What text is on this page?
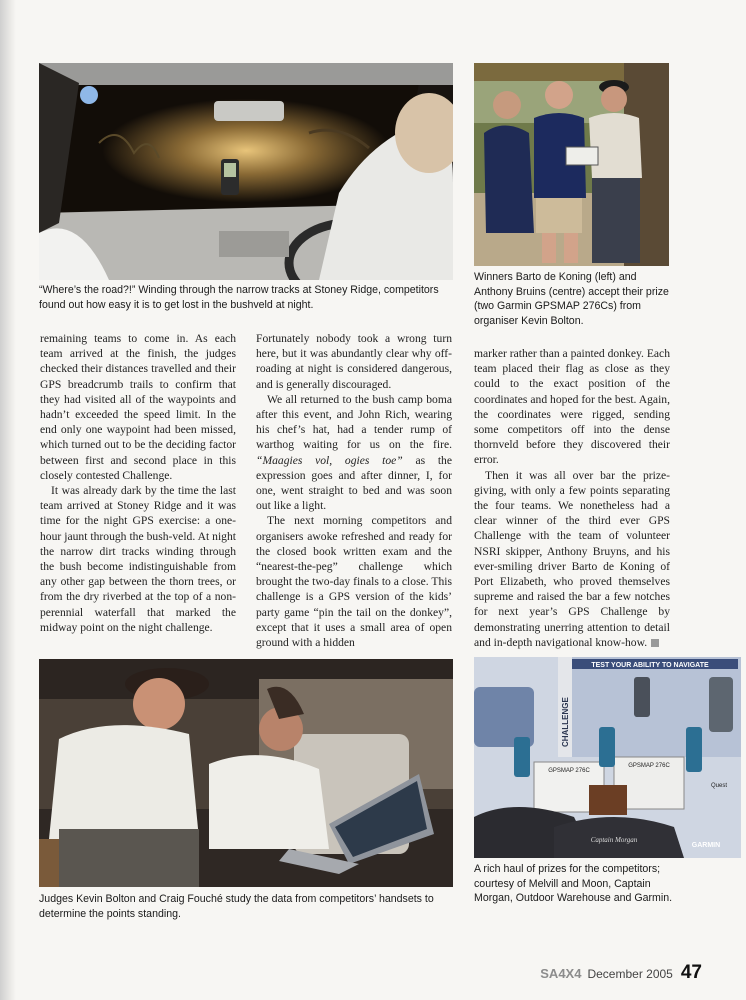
“Where’s the road?!” Winding through the narrow tracks at Stoney Ridge, competitors found out how easy it is to get lost in the bushveld at night.
Winners Barto de Koning (left) and Anthony Bruins (centre) accept their prize (two Garmin GPSMAP 276Cs) from organiser Kevin Bolton.

remaining teams to come in. As each team arrived at the finish, the judges checked their distances travelled and their GPS breadcrumb trails to confirm that they had visited all of the waypoints and hadn’t exceeded the speed limit. In the end only one waypoint had been missed, which turned out to be the deciding factor between first and second place in this closely contested Challenge.

It was already dark by the time the last team arrived at Stoney Ridge and it was time for the night GPS exercise: a one-hour jaunt through the bush-veld. At night the narrow dirt tracks winding through the bush become indistinguishable from any other gap between the thorn trees, or from the dry riverbed at the top of a non-perennial waterfall that marked the midway point on the night challenge.

Fortunately nobody took a wrong turn here, but it was abundantly clear why off-roading at night is considered dangerous, and is generally discouraged.

We all returned to the bush camp boma after this event, and John Rich, wearing his chef’s hat, had a tender rump of warthog waiting for us on the fire. “Maagies vol, ogies toe” as the expression goes and after dinner, I, for one, went straight to bed and was soon out like a light.

The next morning competitors and organisers awoke refreshed and ready for the closed book written exam and the “nearest-the-peg” challenge which brought the two-day finals to a close. This challenge is a GPS version of the kids’ party game “pin the tail on the donkey”, except that it uses a small area of open ground with a hidden

marker rather than a painted donkey. Each team placed their flag as close as they could to the exact position of the coordinates and hoped for the best. Again, the coordinates were rigged, sending some competitors off into the dense thornveld before they discovered their error.

Then it was all over bar the prize-giving, with only a few points separating the four teams. We nonetheless had a clear winner of the third ever GPS Challenge with the team of volunteer NSRI skipper, Anthony Bruyns, and his ever-smiling driver Barto de Koning of Port Elizabeth, who proved themselves supreme and raised the bar a few notches for next year’s GPS Challenge by demonstrating unerring attention to detail and in-depth navigational know-how.

Judges Kevin Bolton and Craig Fouché study the data from competitors’ handsets to determine the points standing.
TEST YOUR ABILITY TO NAVIGATE
CHALLENGE
GPSMAP 276C
GPSMAP 276C
Captain Morgan
GARMIN
Quest
A rich haul of prizes for the competitors; courtesy of Melvill and Moon, Captain Morgan, Outdoor Warehouse and Garmin.
SA4X4 December 2005 47
